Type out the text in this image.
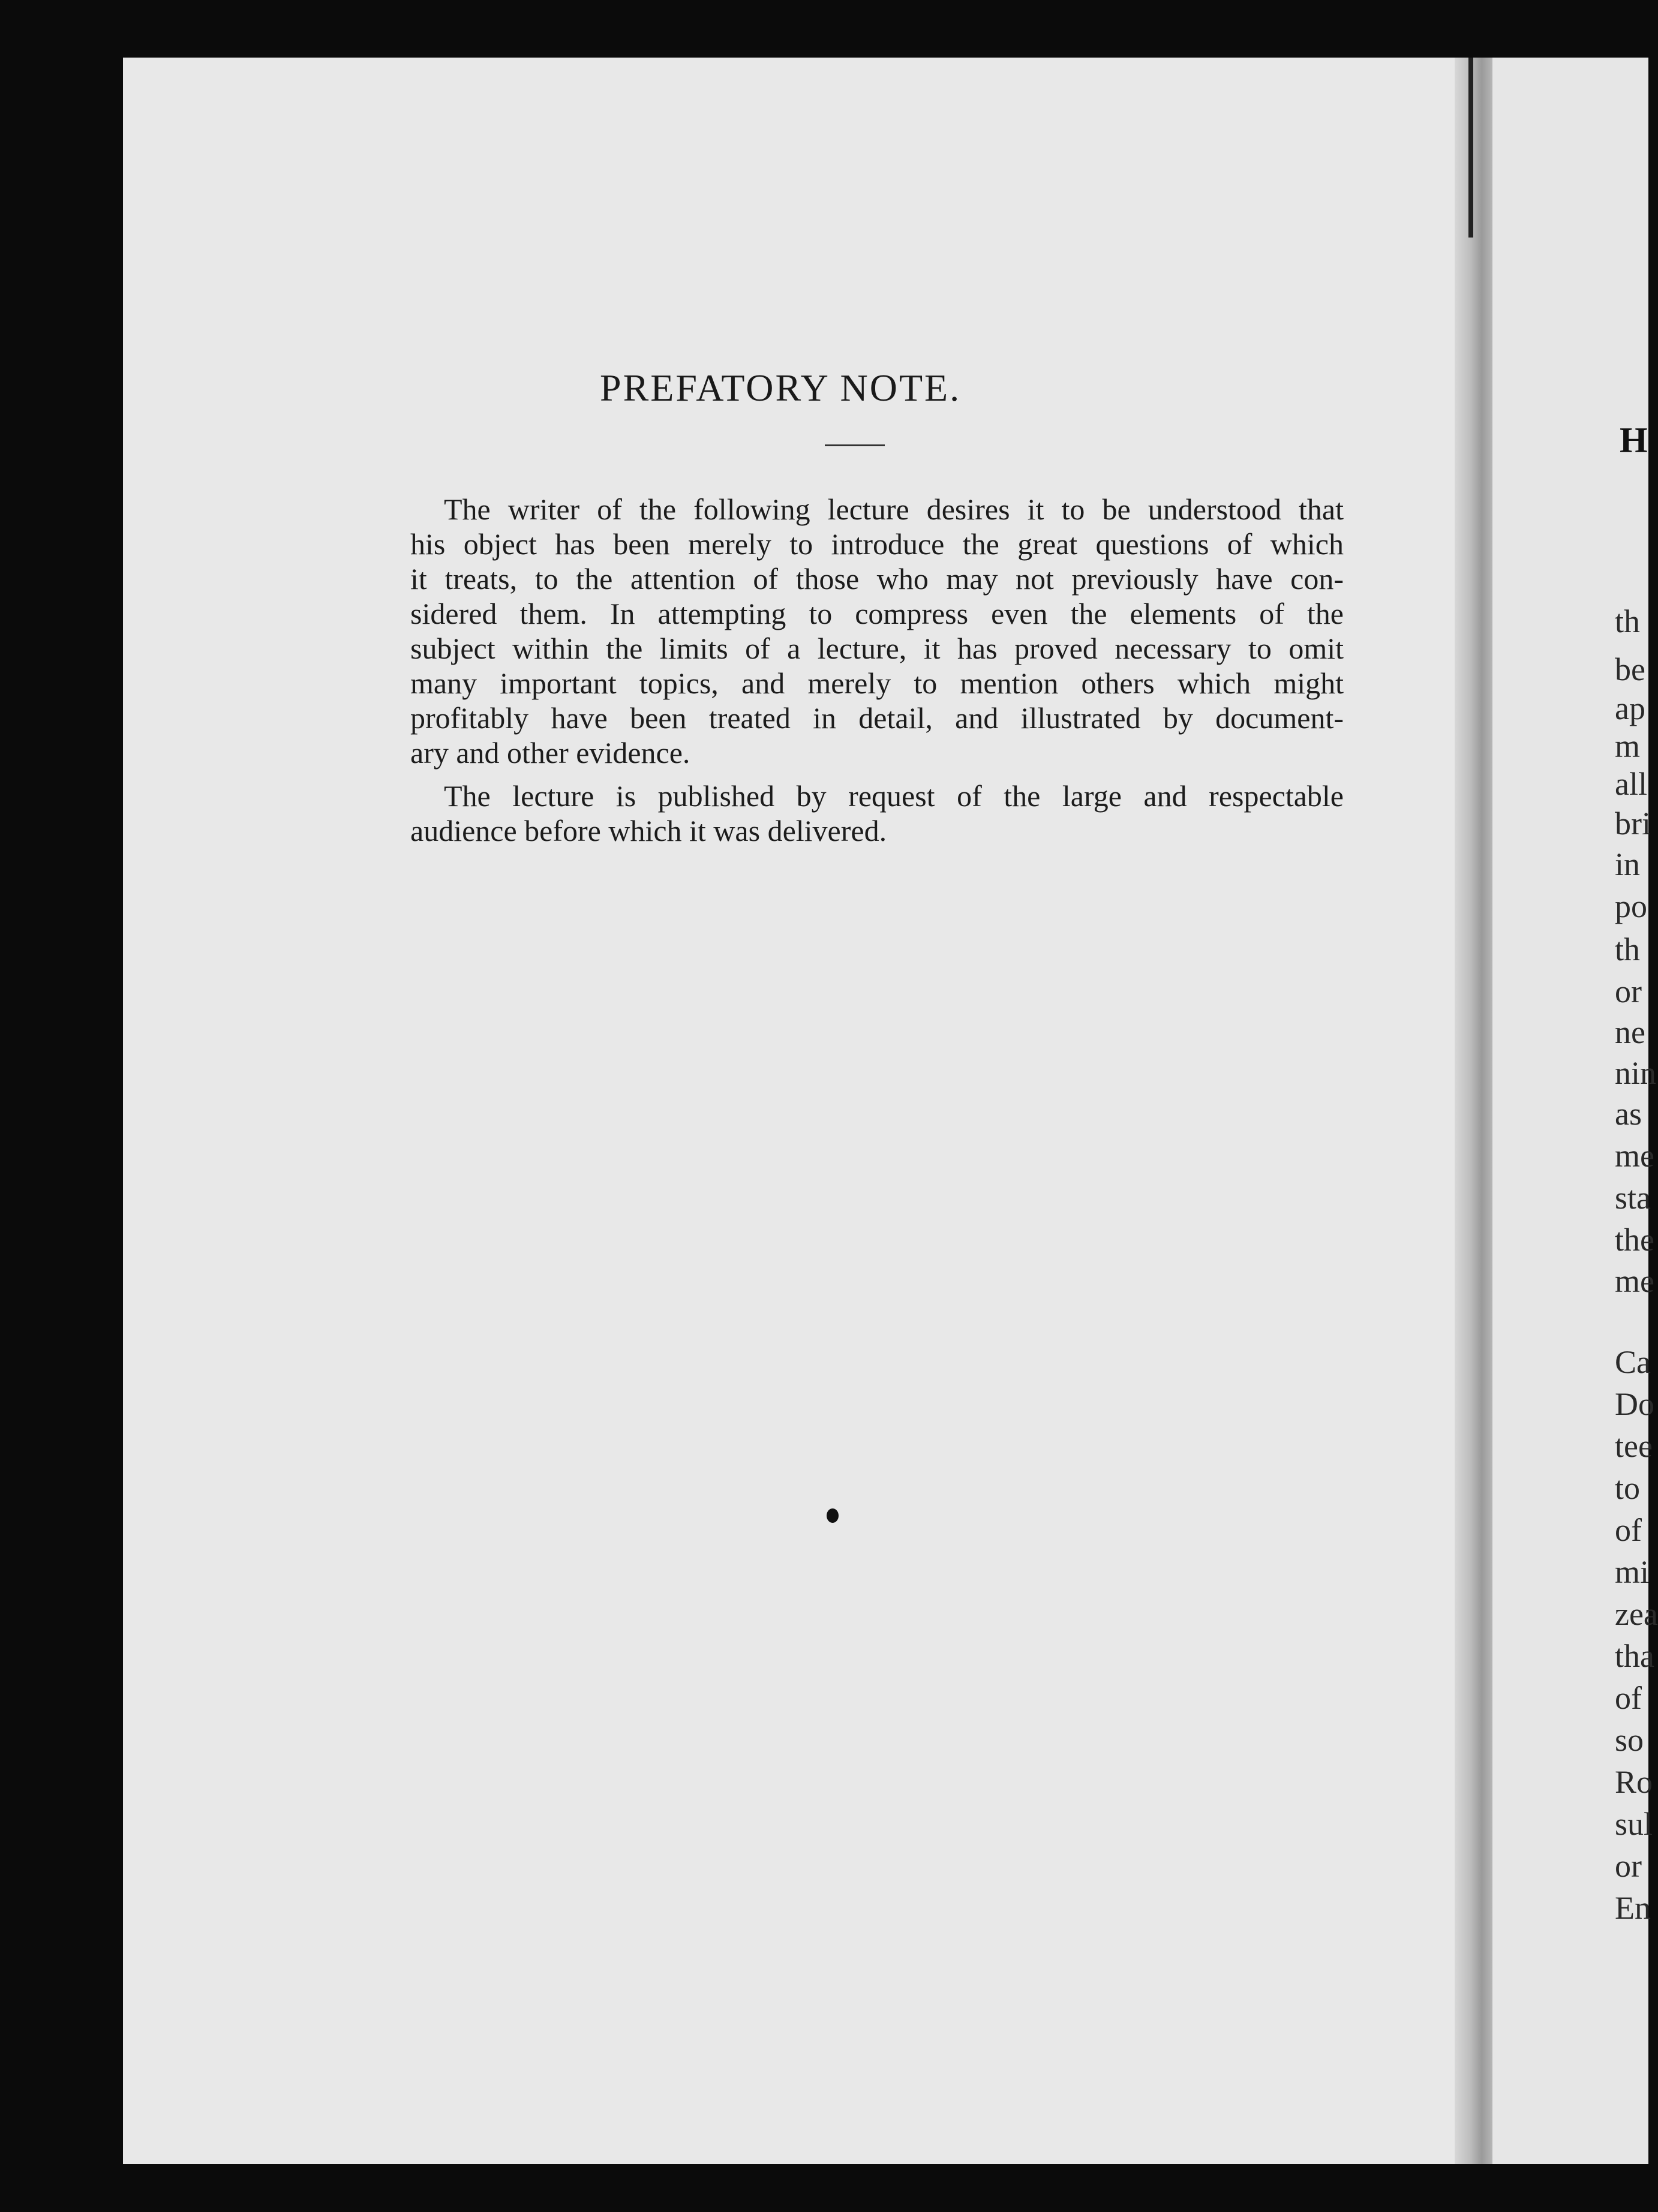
PREFATORY NOTE.
The writer of the following lecture desires it to be understood that
his object has been merely to introduce the great questions of which
it treats, to the attention of those who may not previously have con-
sidered them. In attempting to compress even the elements of the
subject within the limits of a lecture, it has proved necessary to omit
many important topics, and merely to mention others which might
profitably have been treated in detail, and illustrated by document-
ary and other evidence.
The lecture is published by request of the large and respectable
audience before which it was delivered.
H
th
be
ap
m
all
bri
in
po
th
or
ne
nin
as
me
sta
the
me
Ca
Do
tee
to
of
mi
zea
tha
of
so
Ro
sul
or
En
